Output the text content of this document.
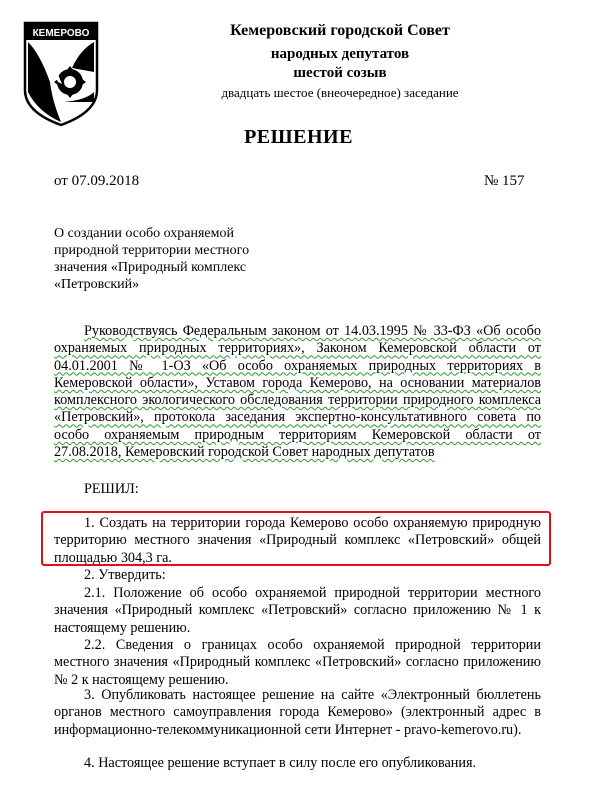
КЕМЕРОВО	Кемеровский городской Совет
народных депутатов
шестой созыв
двадцать шестое (внеочередное) заседание
РЕШЕНИЕ
от 07.09.2018	№ 157
О создании особо охраняемой природной территории местного значения «Природный комплекс «Петровский»
Руководствуясь Федеральным законом от 14.03.1995 № 33-ФЗ «Об особо охраняемых природных территориях», Законом Кемеровской области от 04.01.2001 № 1-ОЗ «Об особо охраняемых природных территориях в Кемеровской области», Уставом города Кемерово, на основании материалов комплексного экологического обследования территории природного комплекса «Петровский», протокола заседания экспертно-консультативного совета по особо охраняемым природным территориям Кемеровской области от 27.08.2018, Кемеровский городской Совет народных депутатов
РЕШИЛ:
1. Создать на территории города Кемерово особо охраняемую природную территорию местного значения «Природный комплекс «Петровский» общей площадью 304,3 га.
2. Утвердить:
2.1. Положение об особо охраняемой природной территории местного значения «Природный комплекс «Петровский» согласно приложению № 1 к настоящему решению.
2.2. Сведения о границах особо охраняемой природной территории местного значения «Природный комплекс «Петровский» согласно приложению № 2 к настоящему решению.
3. Опубликовать настоящее решение на сайте «Электронный бюллетень органов местного самоуправления города Кемерово» (электронный адрес в информационно-телекоммуникационной сети Интернет - pravo-kemerovo.ru).
4. Настоящее решение вступает в силу после его опубликования.
